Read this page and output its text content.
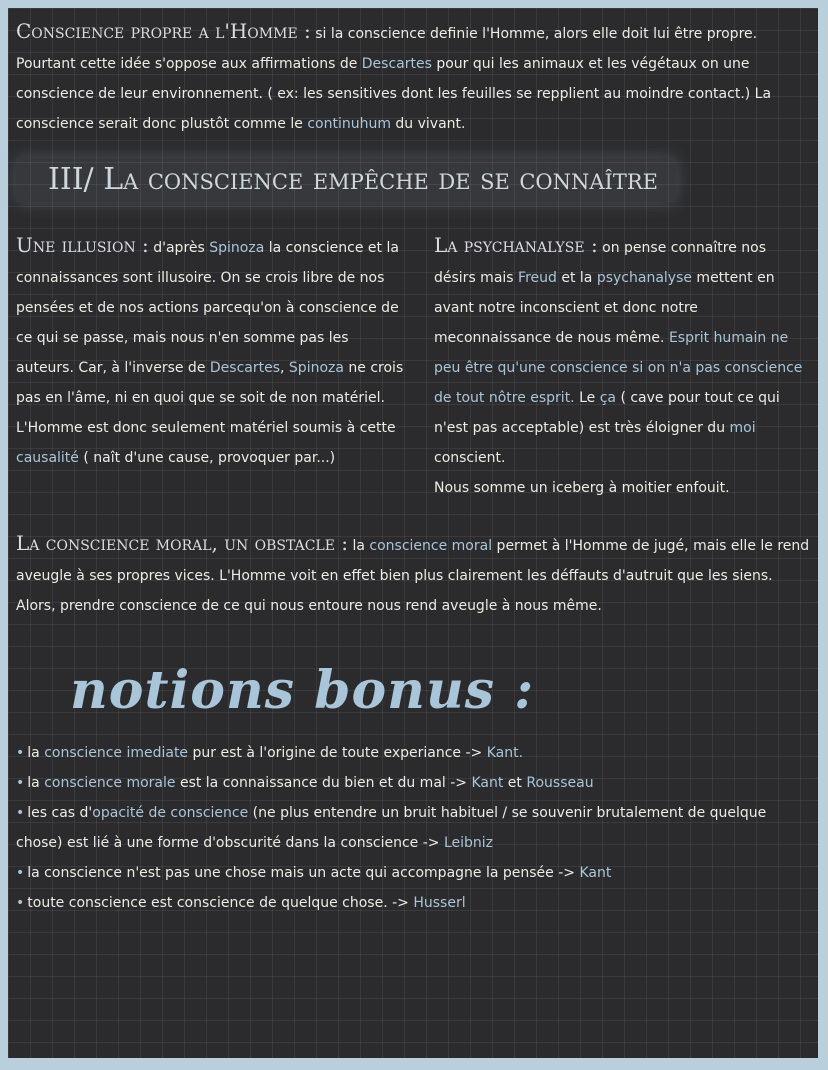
Conscience propre a l'Homme : si la conscience definie l'Homme, alors elle doit lui être propre. Pourtant cette idée s'oppose aux affirmations de Descartes pour qui les animaux et les végétaux on une conscience de leur environnement. ( ex: les sensitives dont les feuilles se repplient au moindre contact.) La conscience serait donc plustôt comme le continuhum du vivant.
III/ La conscience empêche de se connaître
Une illusion : d'après Spinoza la conscience et la connaissances sont illusoire. On se crois libre de nos pensées et de nos actions parcequ'on à conscience de ce qui se passe, mais nous n'en somme pas les auteurs. Car, à l'inverse de Descartes, Spinoza ne crois pas en l'âme, ni en quoi que se soit de non matériel.
L'Homme est donc seulement matériel soumis à cette causalité ( naît d'une cause, provoquer par...)
La psychanalyse : on pense connaître nos désirs mais Freud et la psychanalyse mettent en avant notre inconscient et donc notre meconnaissance de nous même. Esprit humain ne peu être qu'une conscience si on n'a pas conscience de tout nôtre esprit. Le ça ( cave pour tout ce qui n'est pas acceptable) est très éloigner du moi conscient.
Nous somme un iceberg à moitier enfouit.
La conscience moral, un obstacle : la conscience moral permet à l'Homme de jugé, mais elle le rend aveugle à ses propres vices. L'Homme voit en effet bien plus clairement les déffauts d'autruit que les siens. Alors, prendre conscience de ce qui nous entoure nous rend aveugle à nous même.
notions bonus :
• la conscience imediate pur est à l'origine de toute experiance -> Kant.
• la conscience morale est la connaissance du bien et du mal -> Kant et Rousseau
• les cas d'opacité de conscience (ne plus entendre un bruit habituel / se souvenir brutalement de quelque chose) est lié à une forme d'obscurité dans la conscience -> Leibniz
• la conscience n'est pas une chose mais un acte qui accompagne la pensée -> Kant
• toute conscience est conscience de quelque chose. -> Husserl
